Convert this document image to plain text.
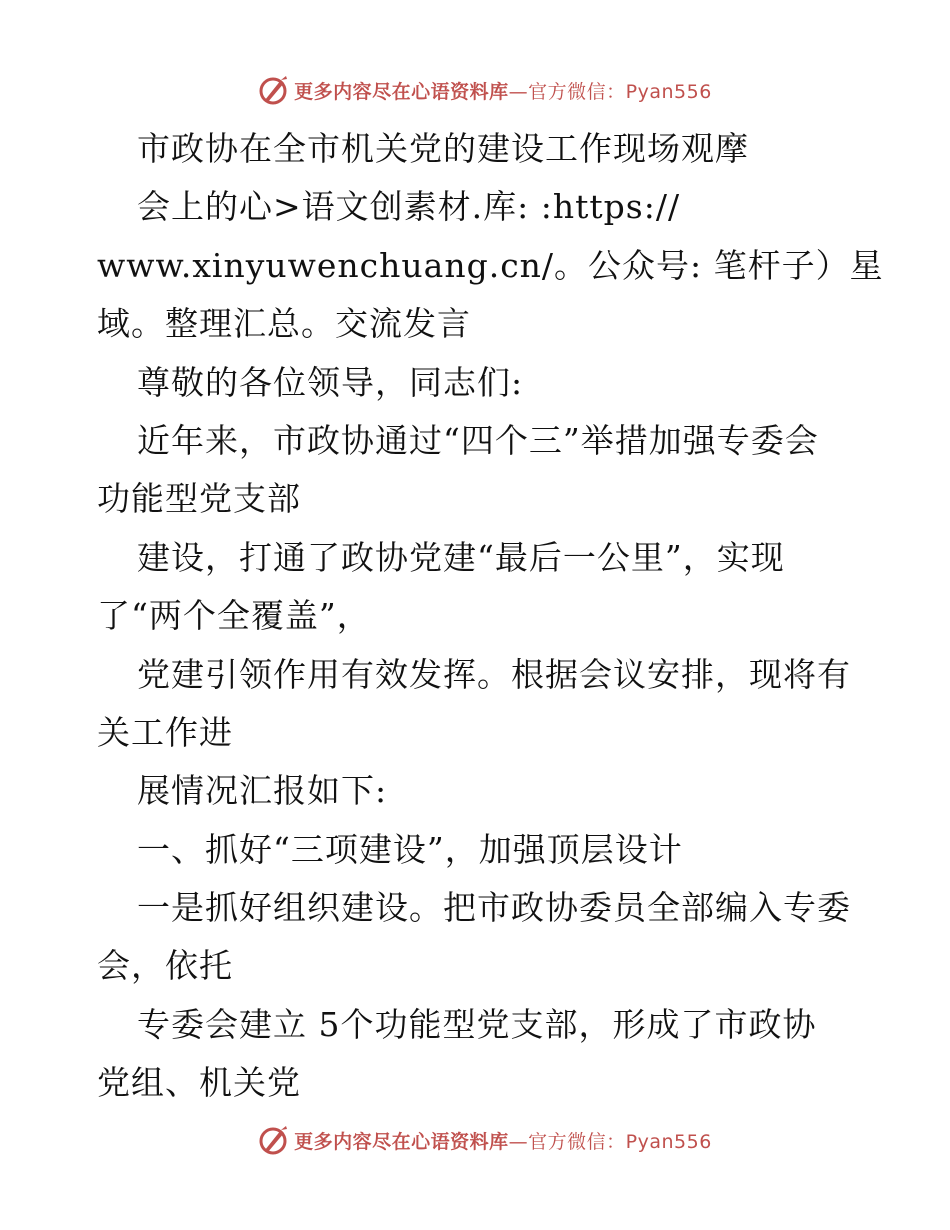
更多内容尽在心语资料库—官方微信：Pyan556
市政协在全市机关党的建设工作现场观摩
会上的心>语文创素材.库: :https://
www.xinyuwenchuang.cn/。公众号: 笔杆子）星
域。整理汇总。交流发言
尊敬的各位领导，同志们:
近年来，市政协通过“四个三”举措加强专委会
功能型党支部
建设，打通了政协党建“最后一公里”，实现
了“两个全覆盖”，
党建引领作用有效发挥。根据会议安排，现将有
关工作进
展情况汇报如下:
一、抓好“三项建设”，加强顶层设计
一是抓好组织建设。把市政协委员全部编入专委
会，依托
专委会建立 5个功能型党支部，形成了市政协
党组、机关党
更多内容尽在心语资料库—官方微信：Pyan556
